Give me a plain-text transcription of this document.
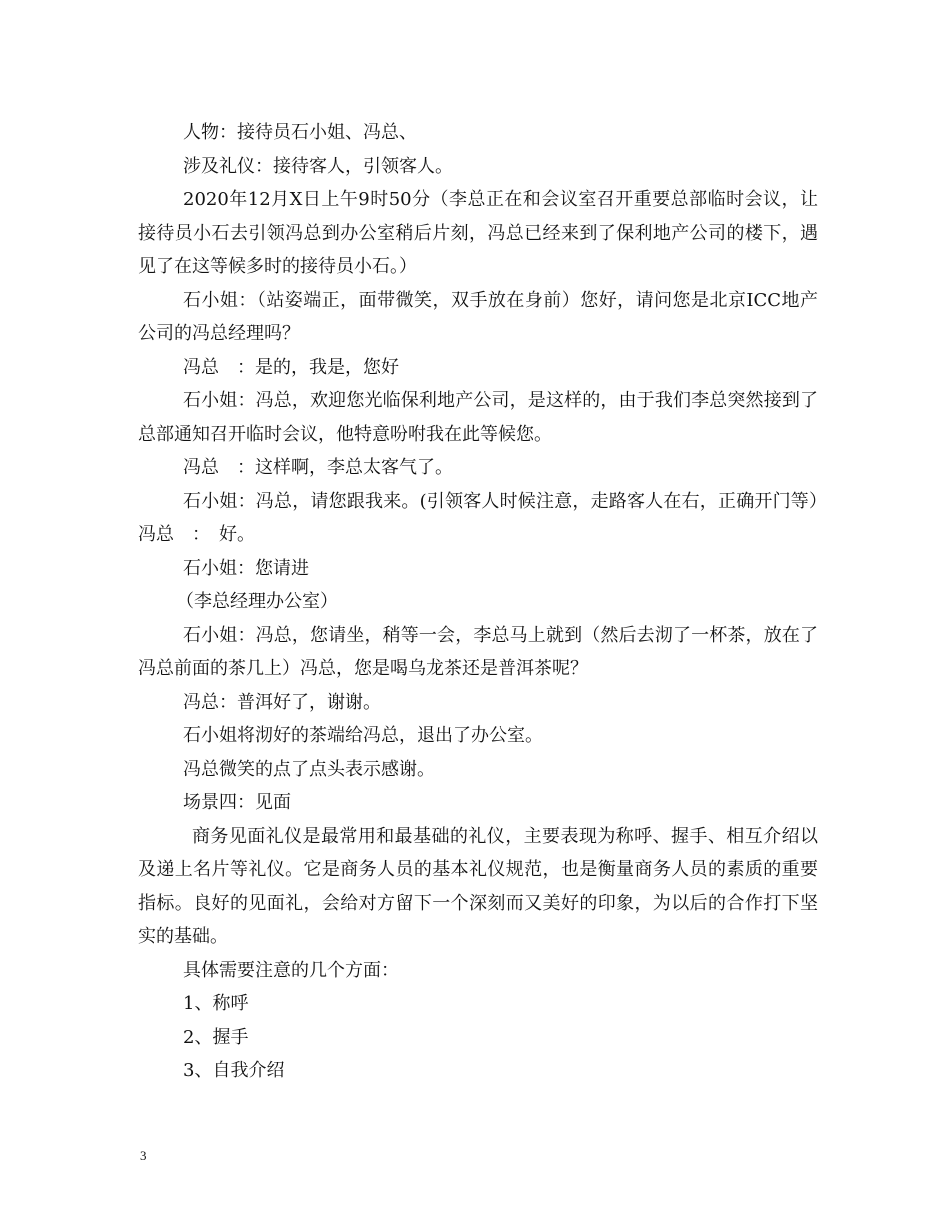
人物：接待员石小姐、冯总、

涉及礼仪：接待客人，引领客人。

2020年12月X日上午9时50分（李总正在和会议室召开重要总部临时会议，让接待员小石去引领冯总到办公室稍后片刻，冯总已经来到了保利地产公司的楼下，遇见了在这等候多时的接待员小石。）

石小姐：（站姿端正，面带微笑，双手放在身前）您好，请问您是北京ICC地产公司的冯总经理吗？

冯总　：是的，我是，您好

石小姐：冯总，欢迎您光临保利地产公司，是这样的，由于我们李总突然接到了总部通知召开临时会议，他特意吩咐我在此等候您。

冯总　：这样啊，李总太客气了。

石小姐：冯总，请您跟我来。(引领客人时候注意，走路客人在右，正确开门等）冯总　：　好。

石小姐：您请进

（李总经理办公室）

石小姐：冯总，您请坐，稍等一会，李总马上就到（然后去沏了一杯茶，放在了冯总前面的茶几上）冯总，您是喝乌龙茶还是普洱茶呢？

冯总：普洱好了，谢谢。

石小姐将沏好的茶端给冯总，退出了办公室。

冯总微笑的点了点头表示感谢。

场景四：见面

商务见面礼仪是最常用和最基础的礼仪，主要表现为称呼、握手、相互介绍以及递上名片等礼仪。它是商务人员的基本礼仪规范，也是衡量商务人员的素质的重要指标。良好的见面礼，会给对方留下一个深刻而又美好的印象，为以后的合作打下坚实的基础。

具体需要注意的几个方面：

1、称呼

2、握手

3、自我介绍

3
